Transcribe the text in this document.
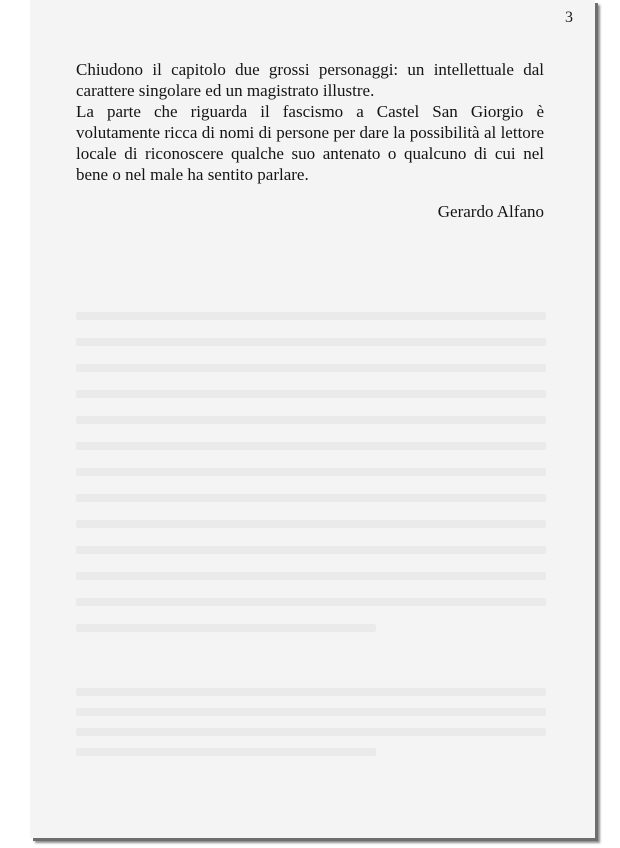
3

Chiudono il capitolo due grossi personaggi: un intellettuale dal carattere singolare ed un magistrato illustre.

La parte che riguarda il fascismo a Castel San Giorgio è volutamente ricca di nomi di persone per dare la possibilità al lettore locale di riconoscere qualche suo antenato o qualcuno di cui nel bene o nel male ha sentito parlare.

Gerardo Alfano
